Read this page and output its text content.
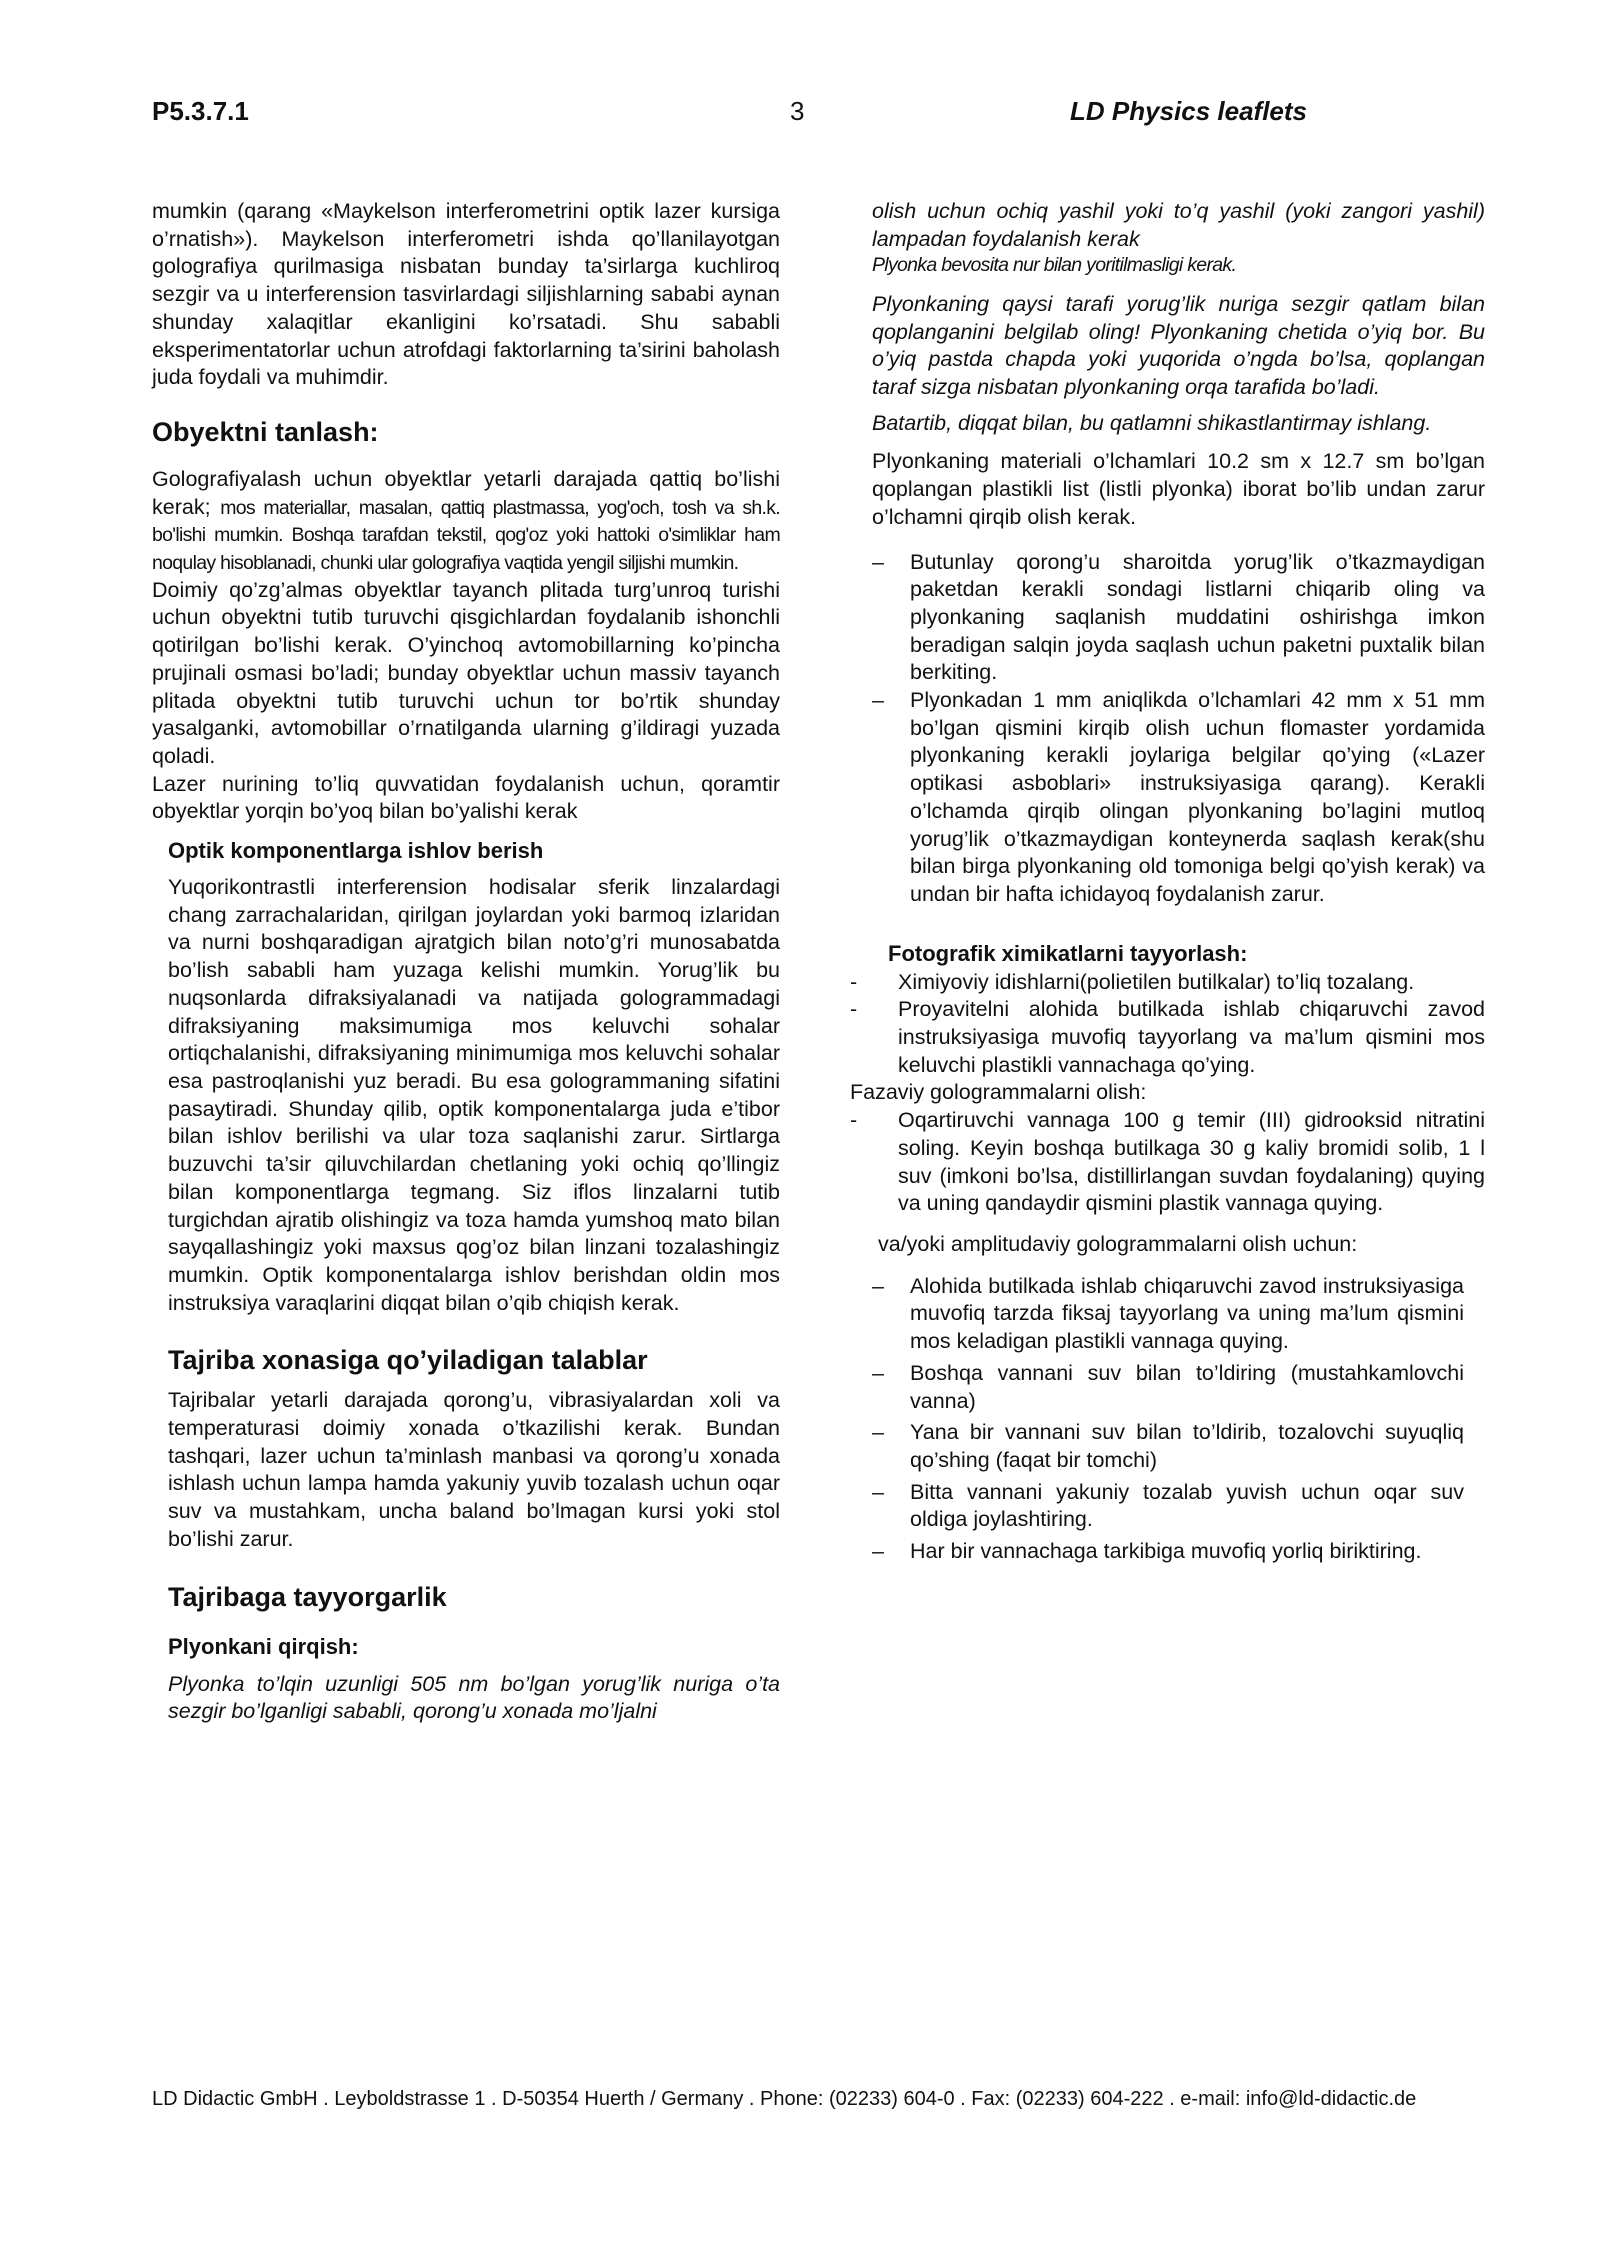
P5.3.7.1	3	LD Physics leaflets

mumkin (qarang «Maykelson interferometrini optik lazer kursiga o’rnatish»). Maykelson interferometri ishda qo’llanilayotgan golografiya qurilmasiga nisbatan bunday ta’sirlarga kuchliroq sezgir va u interferension tasvirlardagi siljishlarning sababi aynan shunday xalaqitlar ekanligini ko’rsatadi. Shu sababli eksperimentatorlar uchun atrofdagi faktorlarning ta’sirini baholash juda foydali va muhimdir.

Obyektni tanlash:

Golografiyalash uchun obyektlar yetarli darajada qattiq bo’lishi kerak; mos materiallar, masalan, qattiq plastmassa, yog'och, tosh va sh.k. bo'lishi mumkin. Boshqa tarafdan tekstil, qog'oz yoki hattoki o'simliklar ham noqulay hisoblanadi, chunki ular golografiya vaqtida yengil siljishi mumkin.

Doimiy qo’zg’almas obyektlar tayanch plitada turg’unroq turishi uchun obyektni tutib turuvchi qisgichlardan foydalanib ishonchli qotirilgan bo’lishi kerak. O’yinchoq avtomobillarning ko’pincha prujinali osmasi bo’ladi; bunday obyektlar uchun massiv tayanch plitada obyektni tutib turuvchi uchun tor bo’rtik shunday yasalganki, avtomobillar o’rnatilganda ularning g’ildiragi yuzada qoladi.

Lazer nurining to’liq quvvatidan foydalanish uchun, qoramtir obyektlar yorqin bo’yoq bilan bo’yalishi kerak

Optik komponentlarga ishlov berish

Yuqorikontrastli interferension hodisalar sferik linzalardagi chang zarrachalaridan, qirilgan joylardan yoki barmoq izlaridan va nurni boshqaradigan ajratgich bilan noto’g’ri munosabatda bo’lish sababli ham yuzaga kelishi mumkin. Yorug’lik bu nuqsonlarda difraksiyalanadi va natijada gologrammadagi difraksiyaning maksimumiga mos keluvchi sohalar ortiqchalanishi, difraksiyaning minimumiga mos keluvchi sohalar esa pastroqlanishi yuz beradi. Bu esa gologrammaning sifatini pasaytiradi. Shunday qilib, optik komponentalarga juda e’tibor bilan ishlov berilishi va ular toza saqlanishi zarur. Sirtlarga buzuvchi ta’sir qiluvchilardan chetlaning yoki ochiq qo’llingiz bilan komponentlarga tegmang. Siz iflos linzalarni tutib turgichdan ajratib olishingiz va toza hamda yumshoq mato bilan sayqallashingiz yoki maxsus qog’oz bilan linzani tozalashingiz mumkin. Optik komponentalarga ishlov berishdan oldin mos instruksiya varaqlarini diqqat bilan o’qib chiqish kerak.

Tajriba xonasiga qo’yiladigan talablar

Tajribalar yetarli darajada qorong’u, vibrasiyalardan xoli va temperaturasi doimiy xonada o’tkazilishi kerak. Bundan tashqari, lazer uchun ta’minlash manbasi va qorong’u xonada ishlash uchun lampa hamda yakuniy yuvib tozalash uchun oqar suv va mustahkam, uncha baland bo’lmagan kursi yoki stol bo’lishi zarur.

Tajribaga tayyorgarlik
Plyonkani qirqish:

Plyonka to’lqin uzunligi 505 nm bo’lgan yorug’lik nuriga o’ta sezgir bo’lganligi sababli, qorong’u xonada mo’ljalni

olish uchun ochiq yashil yoki to’q yashil (yoki zangori yashil) lampadan foydalanish kerak

Plyonka bevosita nur bilan yoritilmasligi kerak.

Plyonkaning qaysi tarafi yorug’lik nuriga sezgir qatlam bilan qoplanganini belgilab oling! Plyonkaning chetida o’yiq bor. Bu o’yiq pastda chapda yoki yuqorida o’ngda bo’lsa, qoplangan taraf sizga nisbatan plyonkaning orqa tarafida bo’ladi.

Batartib, diqqat bilan, bu qatlamni shikastlantirmay ishlang.

Plyonkaning materiali o’lchamlari 10.2 sm x 12.7 sm bo’lgan qoplangan plastikli list (listli plyonka) iborat bo’lib undan zarur o’lchamni qirqib olish kerak.

– Butunlay qorong’u sharoitda yorug’lik o’tkazmaydigan paketdan kerakli sondagi listlarni chiqarib oling va plyonkaning saqlanish muddatini oshirishga imkon beradigan salqin joyda saqlash uchun paketni puxtalik bilan berkiting.
– Plyonkadan 1 mm aniqlikda o’lchamlari 42 mm x 51 mm bo’lgan qismini kirqib olish uchun flomaster yordamida plyonkaning kerakli joylariga belgilar qo’ying («Lazer optikasi asboblari» instruksiyasiga qarang). Kerakli o’lchamda qirqib olingan plyonkaning bo’lagini mutloq yorug’lik o’tkazmaydigan konteynerda saqlash kerak(shu bilan birga plyonkaning old tomoniga belgi qo’yish kerak) va undan bir hafta ichidayoq foydalanish zarur.
Fotografik ximikatlarni tayyorlash:
- Ximiyoviy idishlarni(polietilen butilkalar) to’liq tozalang.
- Proyavitelni alohida butilkada ishlab chiqaruvchi zavod instruksiyasiga muvofiq tayyorlang va ma’lum qismini mos keluvchi plastikli vannachaga qo’ying.

Fazaviy gologrammalarni olish:

- Oqartiruvchi vannaga 100 g temir (III) gidrooksid nitratini soling. Keyin boshqa butilkaga 30 g kaliy bromidi solib, 1 l suv (imkoni bo’lsa, distillirlangan suvdan foydalaning) quying va uning qandaydir qismini plastik vannaga quying.

va/yoki amplitudaviy gologrammalarni olish uchun:

– Alohida butilkada ishlab chiqaruvchi zavod instruksiyasiga muvofiq tarzda fiksaj tayyorlang va uning ma’lum qismini mos keladigan plastikli vannaga quying.
– Boshqa vannani suv bilan to’ldiring (mustahkamlovchi vanna)
– Yana bir vannani suv bilan to’ldirib, tozalovchi suyuqliq qo’shing (faqat bir tomchi)
– Bitta vannani yakuniy tozalab yuvish uchun oqar suv oldiga joylashtiring.
– Har bir vannachaga tarkibiga muvofiq yorliq biriktiring.
LD Didactic GmbH . Leyboldstrasse 1 . D-50354 Huerth / Germany . Phone: (02233) 604-0 . Fax: (02233) 604-222 . e-mail: info@ld-didactic.de
